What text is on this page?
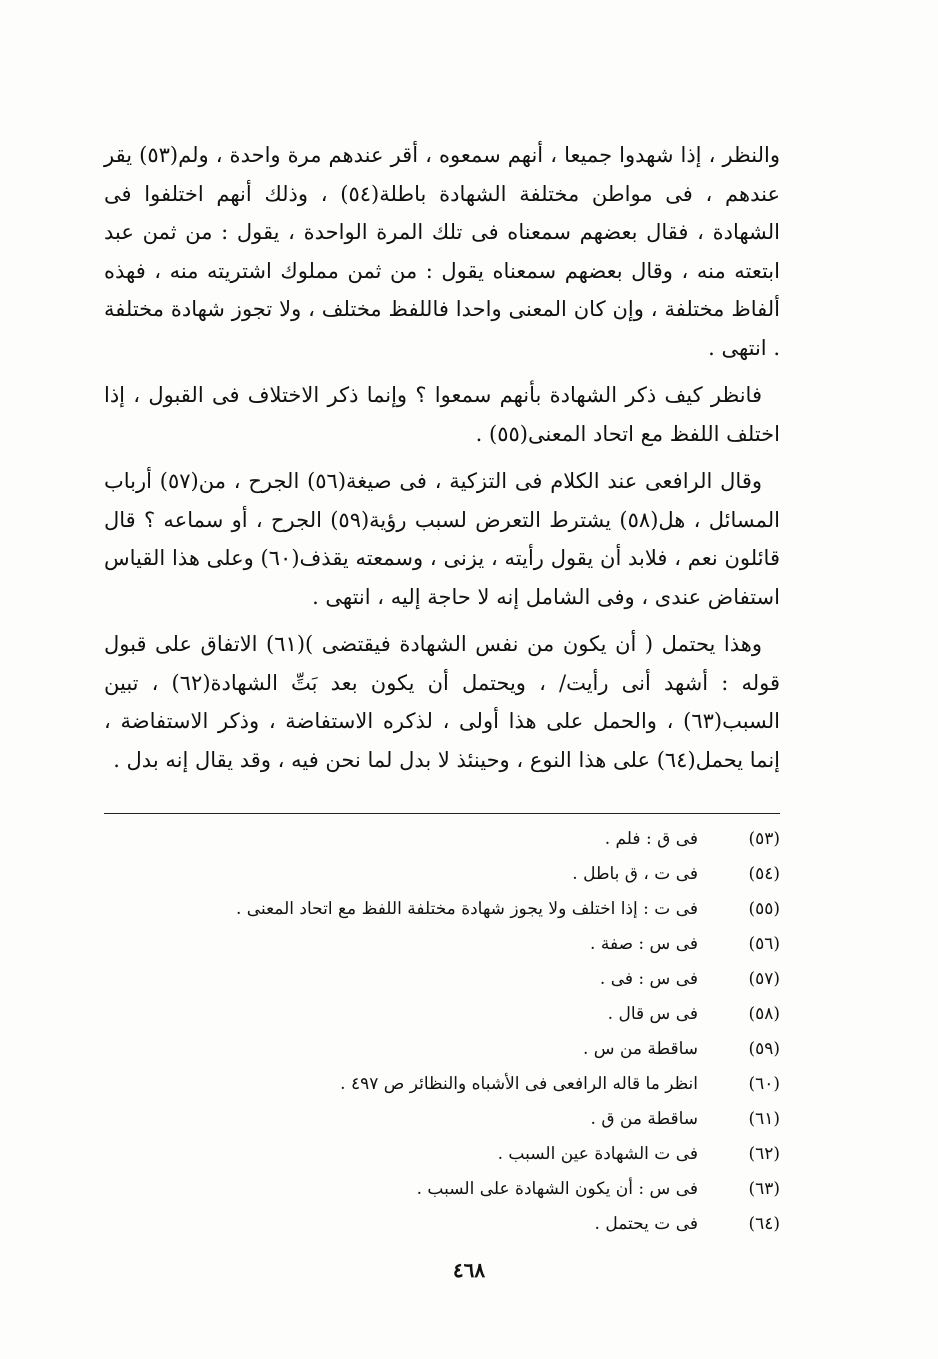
والنظر ، إذا شهدوا جميعا ، أنهم سمعوه ، أقر عندهم مرة واحدة ، ولم(٥٣) يقر عندهم ، فى مواطن مختلفة الشهادة باطلة(٥٤) ، وذلك أنهم اختلفوا فى الشهادة ، فقال بعضهم سمعناه فى تلك المرة الواحدة ، يقول : من ثمن عبد ابتعته منه ، وقال بعضهم سمعناه يقول : من ثمن مملوك اشتريته منه ، فهذه ألفاظ مختلفة ، وإن كان المعنى واحدا فاللفظ مختلف ، ولا تجوز شهادة مختلفة . انتهى .

فانظر كيف ذكر الشهادة بأنهم سمعوا ؟ وإنما ذكر الاختلاف فى القبول ، إذا اختلف اللفظ مع اتحاد المعنى(٥٥) .

وقال الرافعى عند الكلام فى التزكية ، فى صيغة(٥٦) الجرح ، من(٥٧) أرباب المسائل ، هل(٥٨) يشترط التعرض لسبب رؤية(٥٩) الجرح ، أو سماعه ؟ قال قائلون نعم ، فلابد أن يقول رأيته ، يزنى ، وسمعته يقذف(٦٠) وعلى هذا القياس استفاض عندى ، وفى الشامل إنه لا حاجة إليه ، انتهى .

وهذا يحتمل ( أن يكون من نفس الشهادة فيقتضى )(٦١) الاتفاق على قبول قوله : أشهد أنى رأيت/ ، ويحتمل أن يكون بعد بَتِّ الشهادة(٦٢) ، تبين السبب(٦٣) ، والحمل على هذا أولى ، لذكره الاستفاضة ، وذكر الاستفاضة ، إنما يحمل(٦٤) على هذا النوع ، وحينئذ لا بدل لما نحن فيه ، وقد يقال إنه بدل .

(٥٣)
فى ق : فلم .
(٥٤)
فى ت ، ق باطل .
(٥٥)
فى ت : إذا اختلف ولا يجوز شهادة مختلفة اللفظ مع اتحاد المعنى .
(٥٦)
فى س : صفة .
(٥٧)
فى س : فى .
(٥٨)
فى س قال .
(٥٩)
ساقطة من س .
(٦٠)
انظر ما قاله الرافعى فى الأشباه والنظائر ص ٤٩٧ .
(٦١)
ساقطة من ق .
(٦٢)
فى ت الشهادة عين السبب .
(٦٣)
فى س : أن يكون الشهادة على السبب .
(٦٤)
فى ت يحتمل .
٤٦٨
